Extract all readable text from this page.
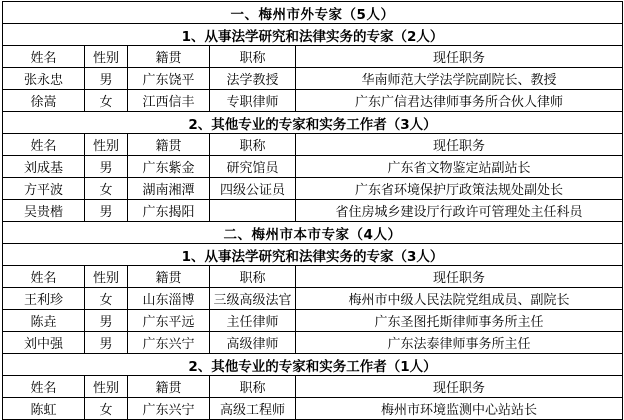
一、梅州市外专家（5人）				
1、从事法学研究和法律实务的专家（2人）				
姓名	性别	籍贯	职称	现任职务
张永忠	男	广东饶平	法学教授	华南师范大学法学院副院长、教授
徐嵩	女	江西信丰	专职律师	广东广信君达律师事务所合伙人律师
2、其他专业的专家和实务工作者（3人）				
姓名	性别	籍贯	职称	现任职务
刘成基	男	广东紫金	研究馆员	广东省文物鉴定站副站长
方平波	女	湖南湘潭	四级公证员	广东省环境保护厅政策法规处副处长
吴贵楷	男	广东揭阳		省住房城乡建设厅行政许可管理处主任科员
二、梅州市本市专家（4人）				
1、从事法学研究和法律实务的专家（3人）				
姓名	性别	籍贯	职称	现任职务
王利珍	女	山东淄博	三级高级法官	梅州市中级人民法院党组成员、副院长
陈垚	男	广东平远	主任律师	广东圣图托斯律师事务所主任
刘中强	男	广东兴宁	高级律师	广东法泰律师事务所主任
2、其他专业的专家和实务工作者（1人）				
姓名	性别	籍贯	职称	现任职务
陈虹	女	广东兴宁	高级工程师	梅州市环境监测中心站站长
